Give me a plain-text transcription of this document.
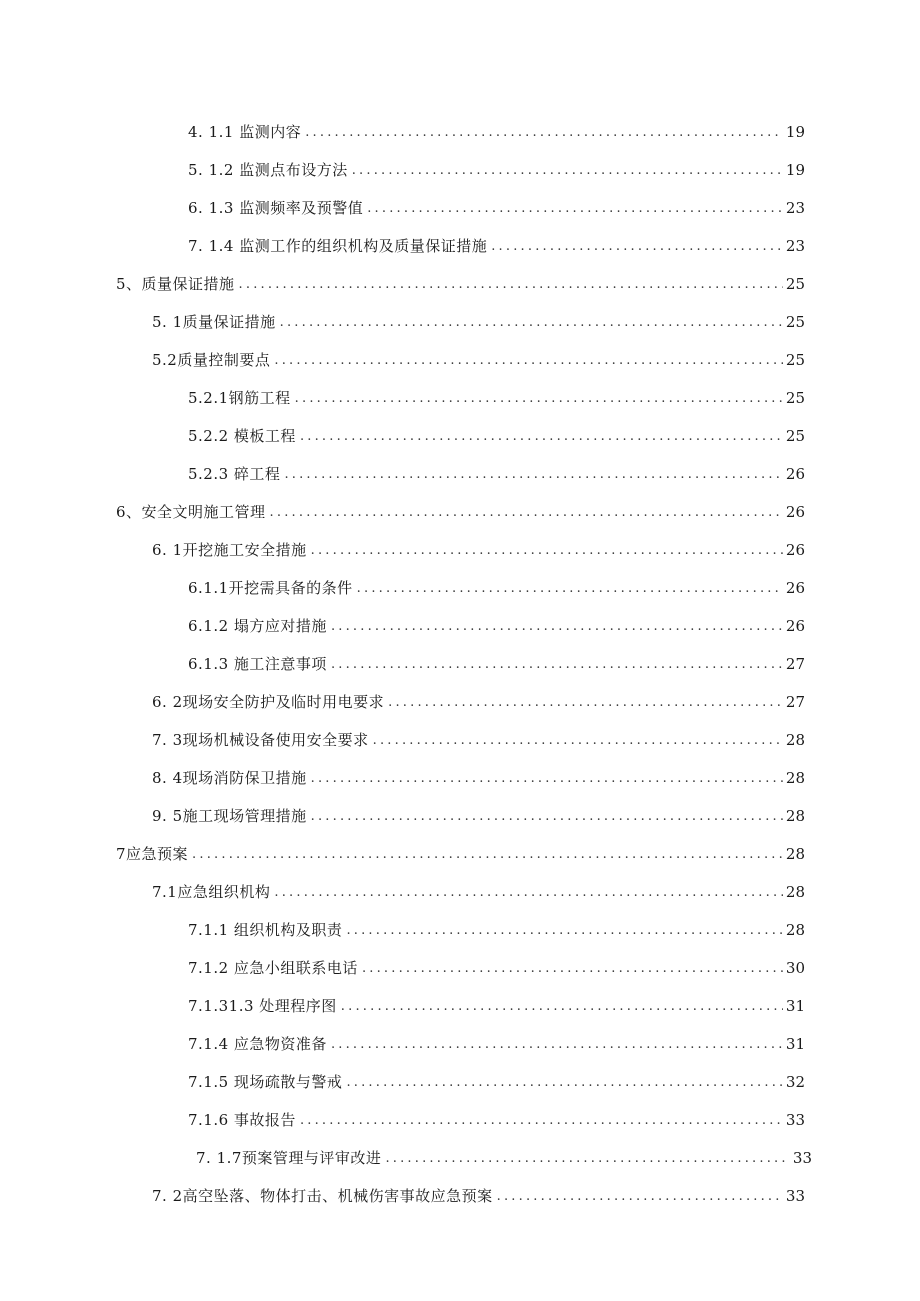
4. 1.1 监测内容 .....	19
5. 1.2 监测点布设方法 .....	19
6. 1.3 监测频率及预警值 .....	23
7. 1.4 监测工作的组织机构及质量保证措施 .....	23
5、质量保证措施 .....	25
5. 1质量保证措施 .....	25
5.2质量控制要点 .....	25
5.2.1钢筋工程 .....	25
5.2.2 模板工程 .....	25
5.2.3 碎工程 .....	26
6、安全文明施工管理 .....	26
6. 1开挖施工安全措施 .....	26
6.1.1开挖需具备的条件 .....	26
6.1.2 塌方应对措施 .....	26
6.1.3 施工注意事项 .....	27
6. 2现场安全防护及临时用电要求 .....	27
7. 3现场机械设备使用安全要求 .....	28
8. 4现场消防保卫措施 .....	28
9. 5施工现场管理措施 .....	28
7应急预案 .....	28
7.1应急组织机构 .....	28
7.1.1 组织机构及职责 .....	28
7.1.2 应急小组联系电话 .....	30
7.1.31.3 处理程序图 .....	31
7.1.4 应急物资准备 .....	31
7.1.5 现场疏散与警戒 .....	32
7.1.6 事故报告 .....	33
7. 1.7预案管理与评审改进 .....	33
7. 2高空坠落、物体打击、机械伤害事故应急预案 .....	33
